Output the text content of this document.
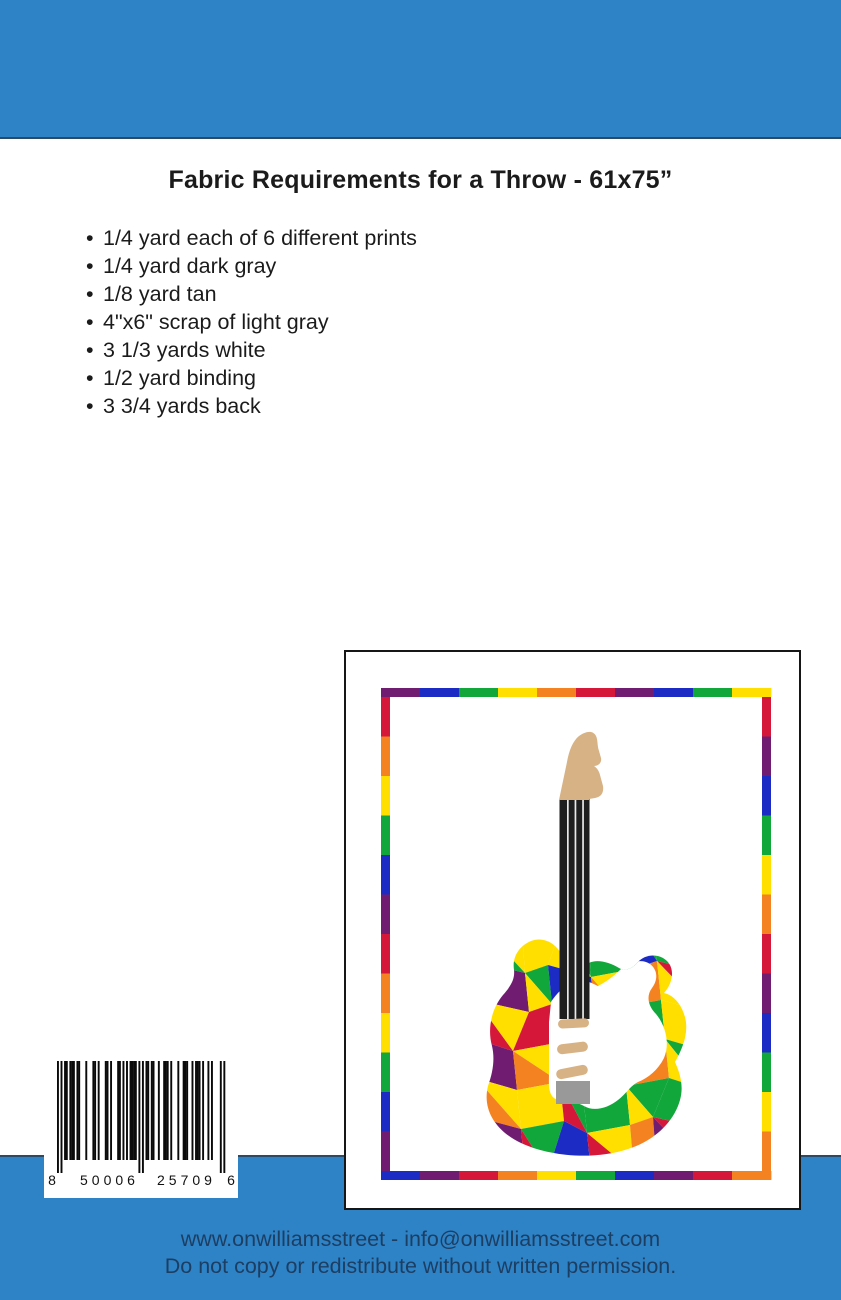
Fabric Requirements for a Throw - 61x75”
• 1/4 yard each of 6 different prints
• 1/4 yard dark gray
• 1/8 yard tan
• 4"x6" scrap of light gray
• 3 1/3 yards white
• 1/2 yard binding
• 3 3/4 yards back
8 50006 25709 6
www.onwilliamsstreet - info@onwilliamsstreet.com
Do not copy or redistribute without written permission.
